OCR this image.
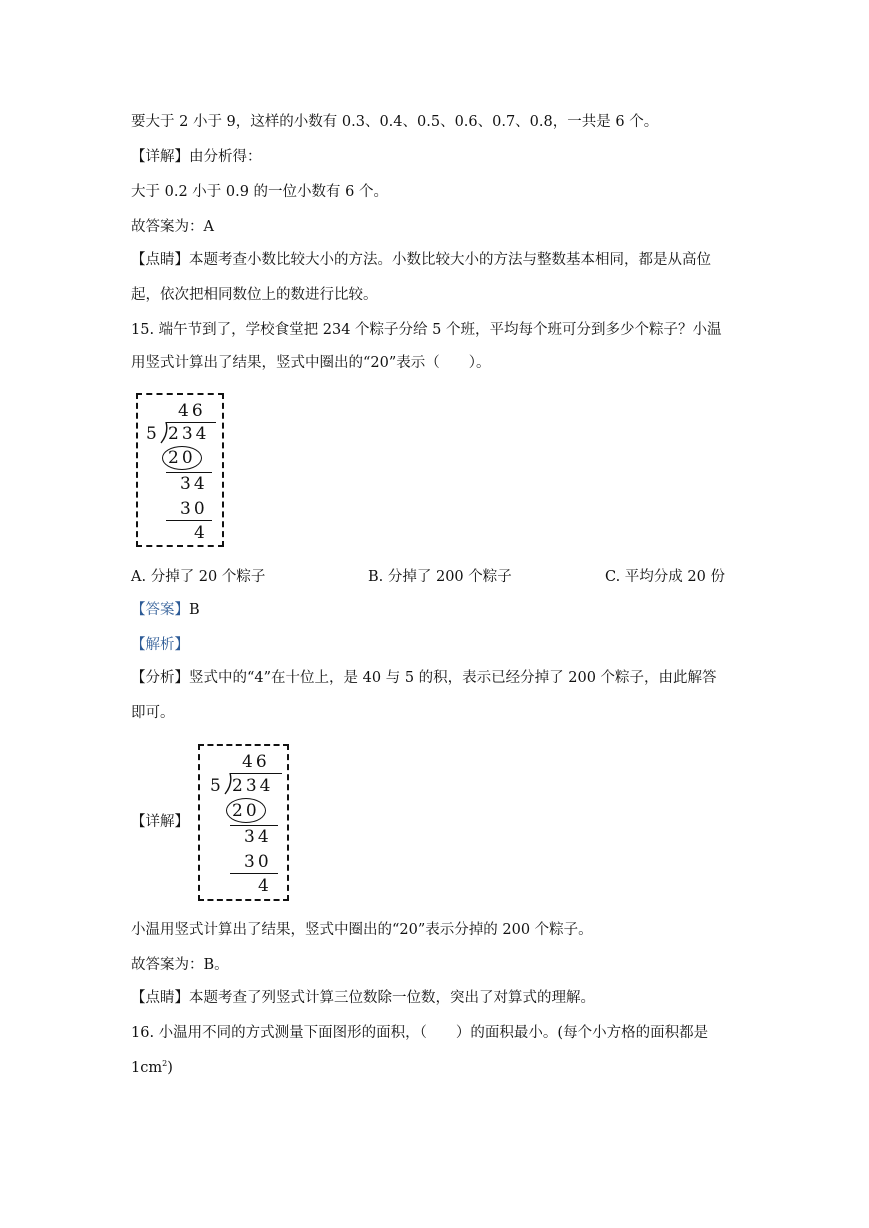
要大于 2 小于 9，这样的小数有 0.3、0.4、0.5、0.6、0.7、0.8，一共是 6 个。
【详解】由分析得：
大于 0.2 小于 0.9 的一位小数有 6 个。
故答案为：A
【点睛】本题考查小数比较大小的方法。小数比较大小的方法与整数基本相同，都是从高位
起，依次把相同数位上的数进行比较。
15. 端午节到了，学校食堂把 234 个粽子分给 5 个班，平均每个班可分到多少个粽子？小温
用竖式计算出了结果，竖式中圈出的“20”表示（　　）。
46
5 234
20
34
30
4
A. 分掉了 20 个粽子	B. 分掉了 200 个粽子	C. 平均分成 20 份
【答案】B
【解析】
【分析】竖式中的“4”在十位上，是 40 与 5 的积，表示已经分掉了 200 个粽子，由此解答
即可。
【详解】
46
5 234
20
34
30
4
小温用竖式计算出了结果，竖式中圈出的“20”表示分掉的 200 个粽子。
故答案为：B。
【点睛】本题考查了列竖式计算三位数除一位数，突出了对算式的理解。
16. 小温用不同的方式测量下面图形的面积，（　　）的面积最小。(每个小方格的面积都是
$1cm^2$)
